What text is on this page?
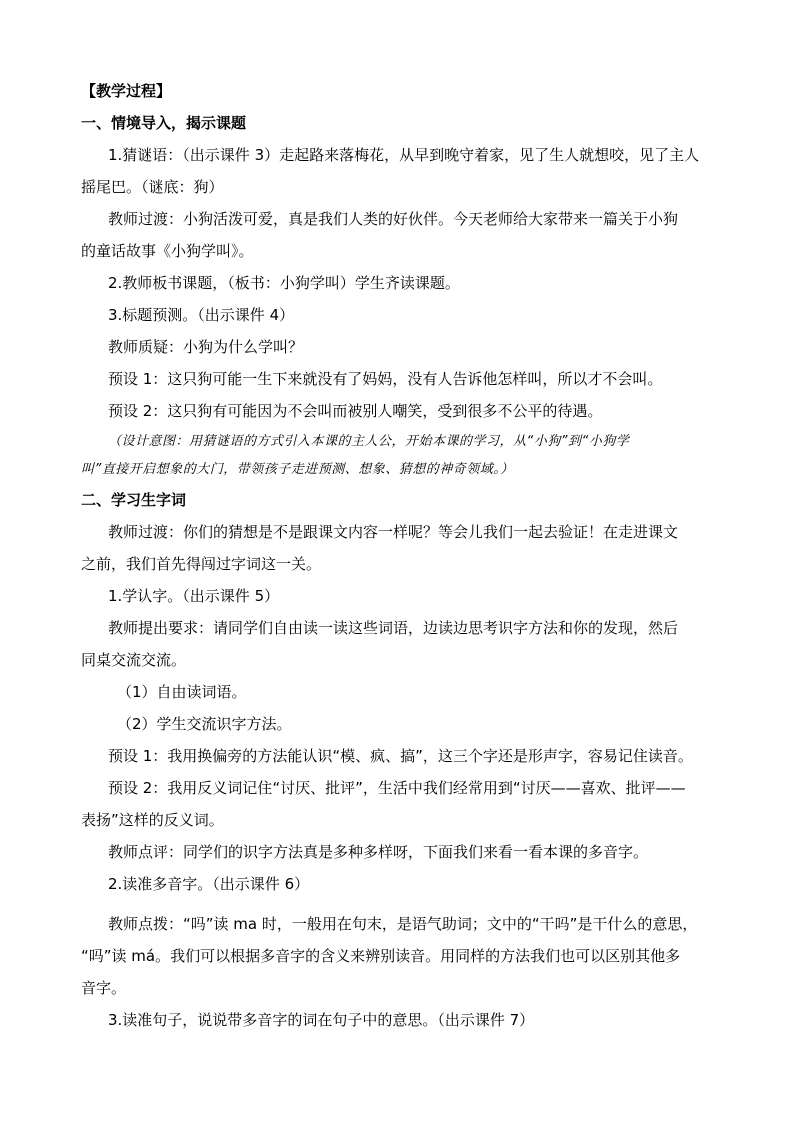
【教学过程】
一、情境导入，揭示课题
1.猜谜语：（出示课件 3）走起路来落梅花，从早到晚守着家，见了生人就想咬，见了主人
摇尾巴。（谜底：狗）
教师过渡：小狗活泼可爱，真是我们人类的好伙伴。今天老师给大家带来一篇关于小狗
的童话故事《小狗学叫》。
2.教师板书课题，（板书：小狗学叫）学生齐读课题。
3.标题预测。（出示课件 4）
教师质疑：小狗为什么学叫？
预设 1：这只狗可能一生下来就没有了妈妈，没有人告诉他怎样叫，所以才不会叫。
预设 2：这只狗有可能因为不会叫而被别人嘲笑，受到很多不公平的待遇。
（设计意图：用猜谜语的方式引入本课的主人公，开始本课的学习，从“小狗”到“小狗学
叫”直接开启想象的大门，带领孩子走进预测、想象、猜想的神奇领域。）
二、学习生字词
教师过渡：你们的猜想是不是跟课文内容一样呢？等会儿我们一起去验证！在走进课文
之前，我们首先得闯过字词这一关。
1.学认字。（出示课件 5）
教师提出要求：请同学们自由读一读这些词语，边读边思考识字方法和你的发现，然后
同桌交流交流。
（1）自由读词语。
（2）学生交流识字方法。
预设 1：我用换偏旁的方法能认识“模、疯、搞”，这三个字还是形声字，容易记住读音。
预设 2：我用反义词记住“讨厌、批评”，生活中我们经常用到“讨厌——喜欢、批评——
表扬”这样的反义词。
教师点评：同学们的识字方法真是多种多样呀，下面我们来看一看本课的多音字。
2.读准多音字。（出示课件 6）
教师点拨：“吗”读 ma 时，一般用在句末，是语气助词；文中的“干吗”是干什么的意思，
“吗”读 má。我们可以根据多音字的含义来辨别读音。用同样的方法我们也可以区别其他多
音字。
3.读准句子，说说带多音字的词在句子中的意思。（出示课件 7）
